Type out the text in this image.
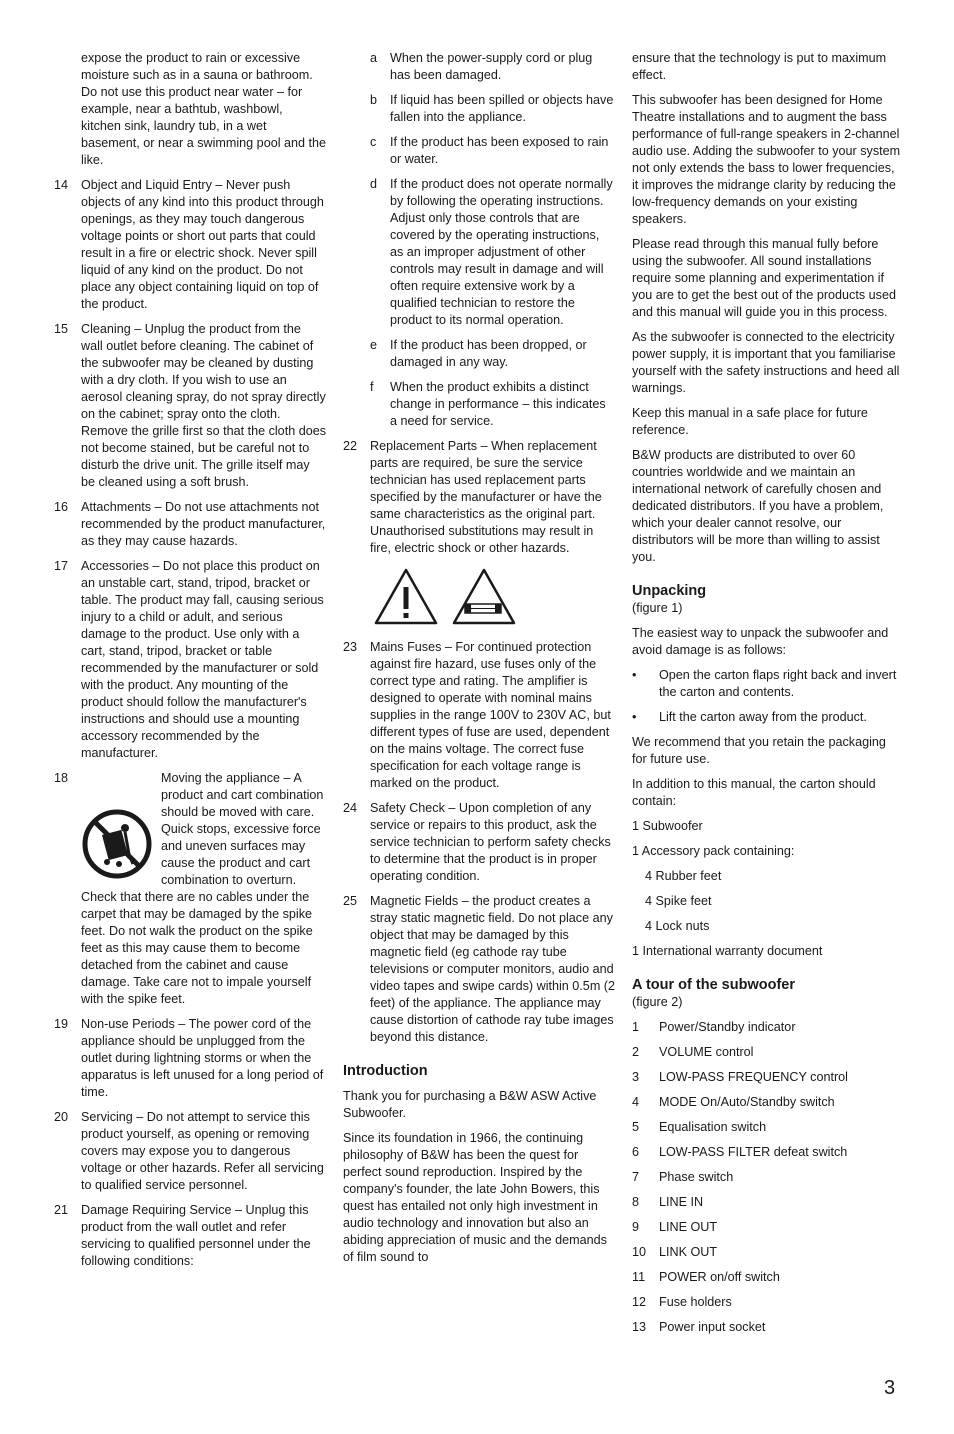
expose the product to rain or excessive moisture such as in a sauna or bathroom. Do not use this product near water – for example, near a bathtub, washbowl, kitchen sink, laundry tub, in a wet basement, or near a swimming pool and the like.
14	Object and Liquid Entry – Never push objects of any kind into this product through openings, as they may touch dangerous voltage points or short out parts that could result in a fire or electric shock. Never spill liquid of any kind on the product. Do not place any object containing liquid on top of the product.
15	Cleaning – Unplug the product from the wall outlet before cleaning. The cabinet of the subwoofer may be cleaned by dusting with a dry cloth. If you wish to use an aerosol cleaning spray, do not spray directly on the cabinet; spray onto the cloth. Remove the grille first so that the cloth does not become stained, but be careful not to disturb the drive unit. The grille itself may be cleaned using a soft brush.
16	Attachments – Do not use attachments not recommended by the product manufacturer, as they may cause hazards.
17	Accessories – Do not place this product on an unstable cart, stand, tripod, bracket or table. The product may fall, causing serious injury to a child or adult, and serious damage to the product. Use only with a cart, stand, tripod, bracket or table recommended by the manufacturer or sold with the product. Any mounting of the product should follow the manufacturer's instructions and should use a mounting accessory recommended by the manufacturer.
18	Moving the appliance – A product and cart combination should be moved with care. Quick stops, excessive force and uneven surfaces may cause the product and cart combination to overturn. Check that there are no cables under the carpet that may be damaged by the spike feet. Do not walk the product on the spike feet as this may cause them to become detached from the cabinet and cause damage. Take care not to impale yourself with the spike feet.
19	Non-use Periods – The power cord of the appliance should be unplugged from the outlet during lightning storms or when the apparatus is left unused for a long period of time.
20	Servicing – Do not attempt to service this product yourself, as opening or removing covers may expose you to dangerous voltage or other hazards. Refer all servicing to qualified service personnel.
21	Damage Requiring Service – Unplug this product from the wall outlet and refer servicing to qualified personnel under the following conditions:
a	When the power-supply cord or plug has been damaged.
b	If liquid has been spilled or objects have fallen into the appliance.
c	If the product has been exposed to rain or water.
d	If the product does not operate normally by following the operating instructions. Adjust only those controls that are covered by the operating instructions, as an improper adjustment of other controls may result in damage and will often require extensive work by a qualified technician to restore the product to its normal operation.
e	If the product has been dropped, or damaged in any way.
f	When the product exhibits a distinct change in performance – this indicates a need for service.
22	Replacement Parts – When replacement parts are required, be sure the service technician has used replacement parts specified by the manufacturer or have the same characteristics as the original part. Unauthorised substitutions may result in fire, electric shock or other hazards.
23	Mains Fuses – For continued protection against fire hazard, use fuses only of the correct type and rating. The amplifier is designed to operate with nominal mains supplies in the range 100V to 230V AC, but different types of fuse are used, dependent on the mains voltage. The correct fuse specification for each voltage range is marked on the product.
24	Safety Check – Upon completion of any service or repairs to this product, ask the service technician to perform safety checks to determine that the product is in proper operating condition.
25	Magnetic Fields – the product creates a stray static magnetic field. Do not place any object that may be damaged by this magnetic field (eg cathode ray tube televisions or computer monitors, audio and video tapes and swipe cards) within 0.5m (2 feet) of the appliance. The appliance may cause distortion of cathode ray tube images beyond this distance.
Introduction
Thank you for purchasing a B&W ASW Active Subwoofer.
Since its foundation in 1966, the continuing philosophy of B&W has been the quest for perfect sound reproduction. Inspired by the company's founder, the late John Bowers, this quest has entailed not only high investment in audio technology and innovation but also an abiding appreciation of music and the demands of film sound to
ensure that the technology is put to maximum effect.
This subwoofer has been designed for Home Theatre installations and to augment the bass performance of full-range speakers in 2-channel audio use. Adding the subwoofer to your system not only extends the bass to lower frequencies, it improves the midrange clarity by reducing the low-frequency demands on your existing speakers.
Please read through this manual fully before using the subwoofer. All sound installations require some planning and experimentation if you are to get the best out of the products used and this manual will guide you in this process.
As the subwoofer is connected to the electricity power supply, it is important that you familiarise yourself with the safety instructions and heed all warnings.
Keep this manual in a safe place for future reference.
B&W products are distributed to over 60 countries worldwide and we maintain an international network of carefully chosen and dedicated distributors. If you have a problem, which your dealer cannot resolve, our distributors will be more than willing to assist you.
Unpacking
(figure 1)
The easiest way to unpack the subwoofer and avoid damage is as follows:
•	Open the carton flaps right back and invert the carton and contents.
•	Lift the carton away from the product.
We recommend that you retain the packaging for future use.
In addition to this manual, the carton should contain:
1 Subwoofer
1 Accessory pack containing:
4 Rubber feet
4 Spike feet
4 Lock nuts
1 International warranty document
A tour of the subwoofer
(figure 2)
1	Power/Standby indicator
2	VOLUME control
3	LOW-PASS FREQUENCY control
4	MODE On/Auto/Standby switch
5	Equalisation switch
6	LOW-PASS FILTER defeat switch
7	Phase switch
8	LINE IN
9	LINE OUT
10	LINK OUT
11	POWER on/off switch
12	Fuse holders
13	Power input socket
3
